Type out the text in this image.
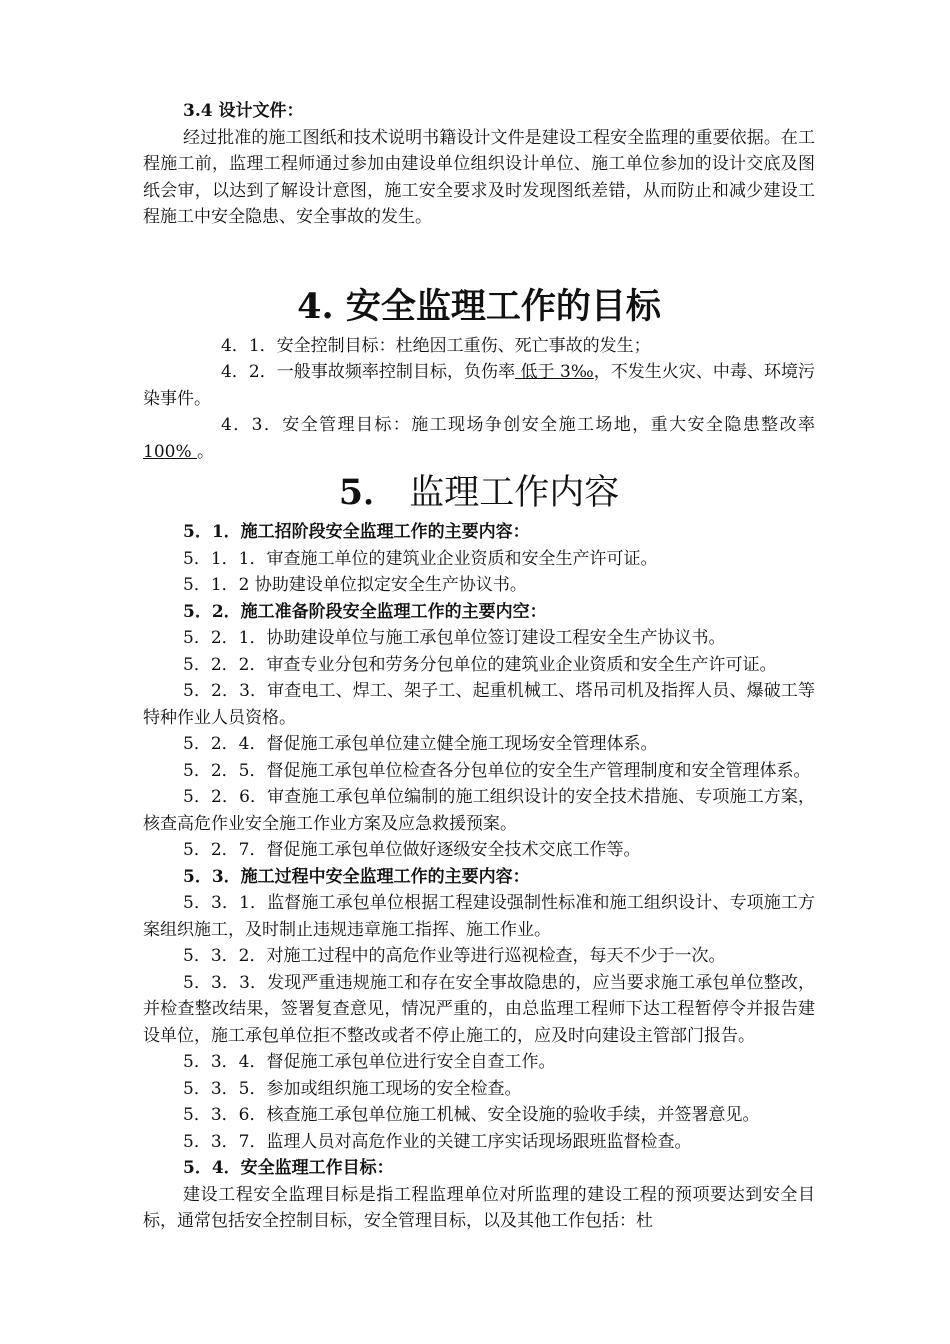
3.4 设计文件：

经过批准的施工图纸和技术说明书籍设计文件是建设工程安全监理的重要依据。在工程施工前，监理工程师通过参加由建设单位组织设计单位、施工单位参加的设计交底及图纸会审，以达到了解设计意图，施工安全要求及时发现图纸差错，从而防止和减少建设工程施工中安全隐患、安全事故的发生。

4. 安全监理工作的目标

4．1．安全控制目标：杜绝因工重伤、死亡事故的发生；

4．2．一般事故频率控制目标，负伤率 低于 3‰，不发生火灾、中毒、环境污染事件。

4．3．安全管理目标：施工现场争创安全施工场地，重大安全隐患整改率 100% 。

5． 监理工作内容

5．1．施工招阶段安全监理工作的主要内容：

5．1．1．审查施工单位的建筑业企业资质和安全生产许可证。

5．1．2 协助建设单位拟定安全生产协议书。

5．2．施工准备阶段安全监理工作的主要内空：

5．2．1．协助建设单位与施工承包单位签订建设工程安全生产协议书。

5．2．2．审查专业分包和劳务分包单位的建筑业企业资质和安全生产许可证。

5．2．3．审查电工、焊工、架子工、起重机械工、塔吊司机及指挥人员、爆破工等特种作业人员资格。

5．2．4．督促施工承包单位建立健全施工现场安全管理体系。

5．2．5．督促施工承包单位检查各分包单位的安全生产管理制度和安全管理体系。

5．2．6．审查施工承包单位编制的施工组织设计的安全技术措施、专项施工方案，核查高危作业安全施工作业方案及应急救援预案。

5．2．7．督促施工承包单位做好逐级安全技术交底工作等。

5．3．施工过程中安全监理工作的主要内容：

5．3．1．监督施工承包单位根据工程建设强制性标准和施工组织设计、专项施工方案组织施工，及时制止违规违章施工指挥、施工作业。

5．3．2．对施工过程中的高危作业等进行巡视检查，每天不少于一次。

5．3．3．发现严重违规施工和存在安全事故隐患的，应当要求施工承包单位整改，并检查整改结果，签署复查意见，情况严重的，由总监理工程师下达工程暂停令并报告建设单位，施工承包单位拒不整改或者不停止施工的，应及时向建设主管部门报告。

5．3．4．督促施工承包单位进行安全自查工作。

5．3．5．参加或组织施工现场的安全检查。

5．3．6．核查施工承包单位施工机械、安全设施的验收手续，并签署意见。

5．3．7．监理人员对高危作业的关键工序实话现场跟班监督检查。

5．4．安全监理工作目标：

建设工程安全监理目标是指工程监理单位对所监理的建设工程的预项要达到安全目标，通常包括安全控制目标，安全管理目标，以及其他工作包括：杜
